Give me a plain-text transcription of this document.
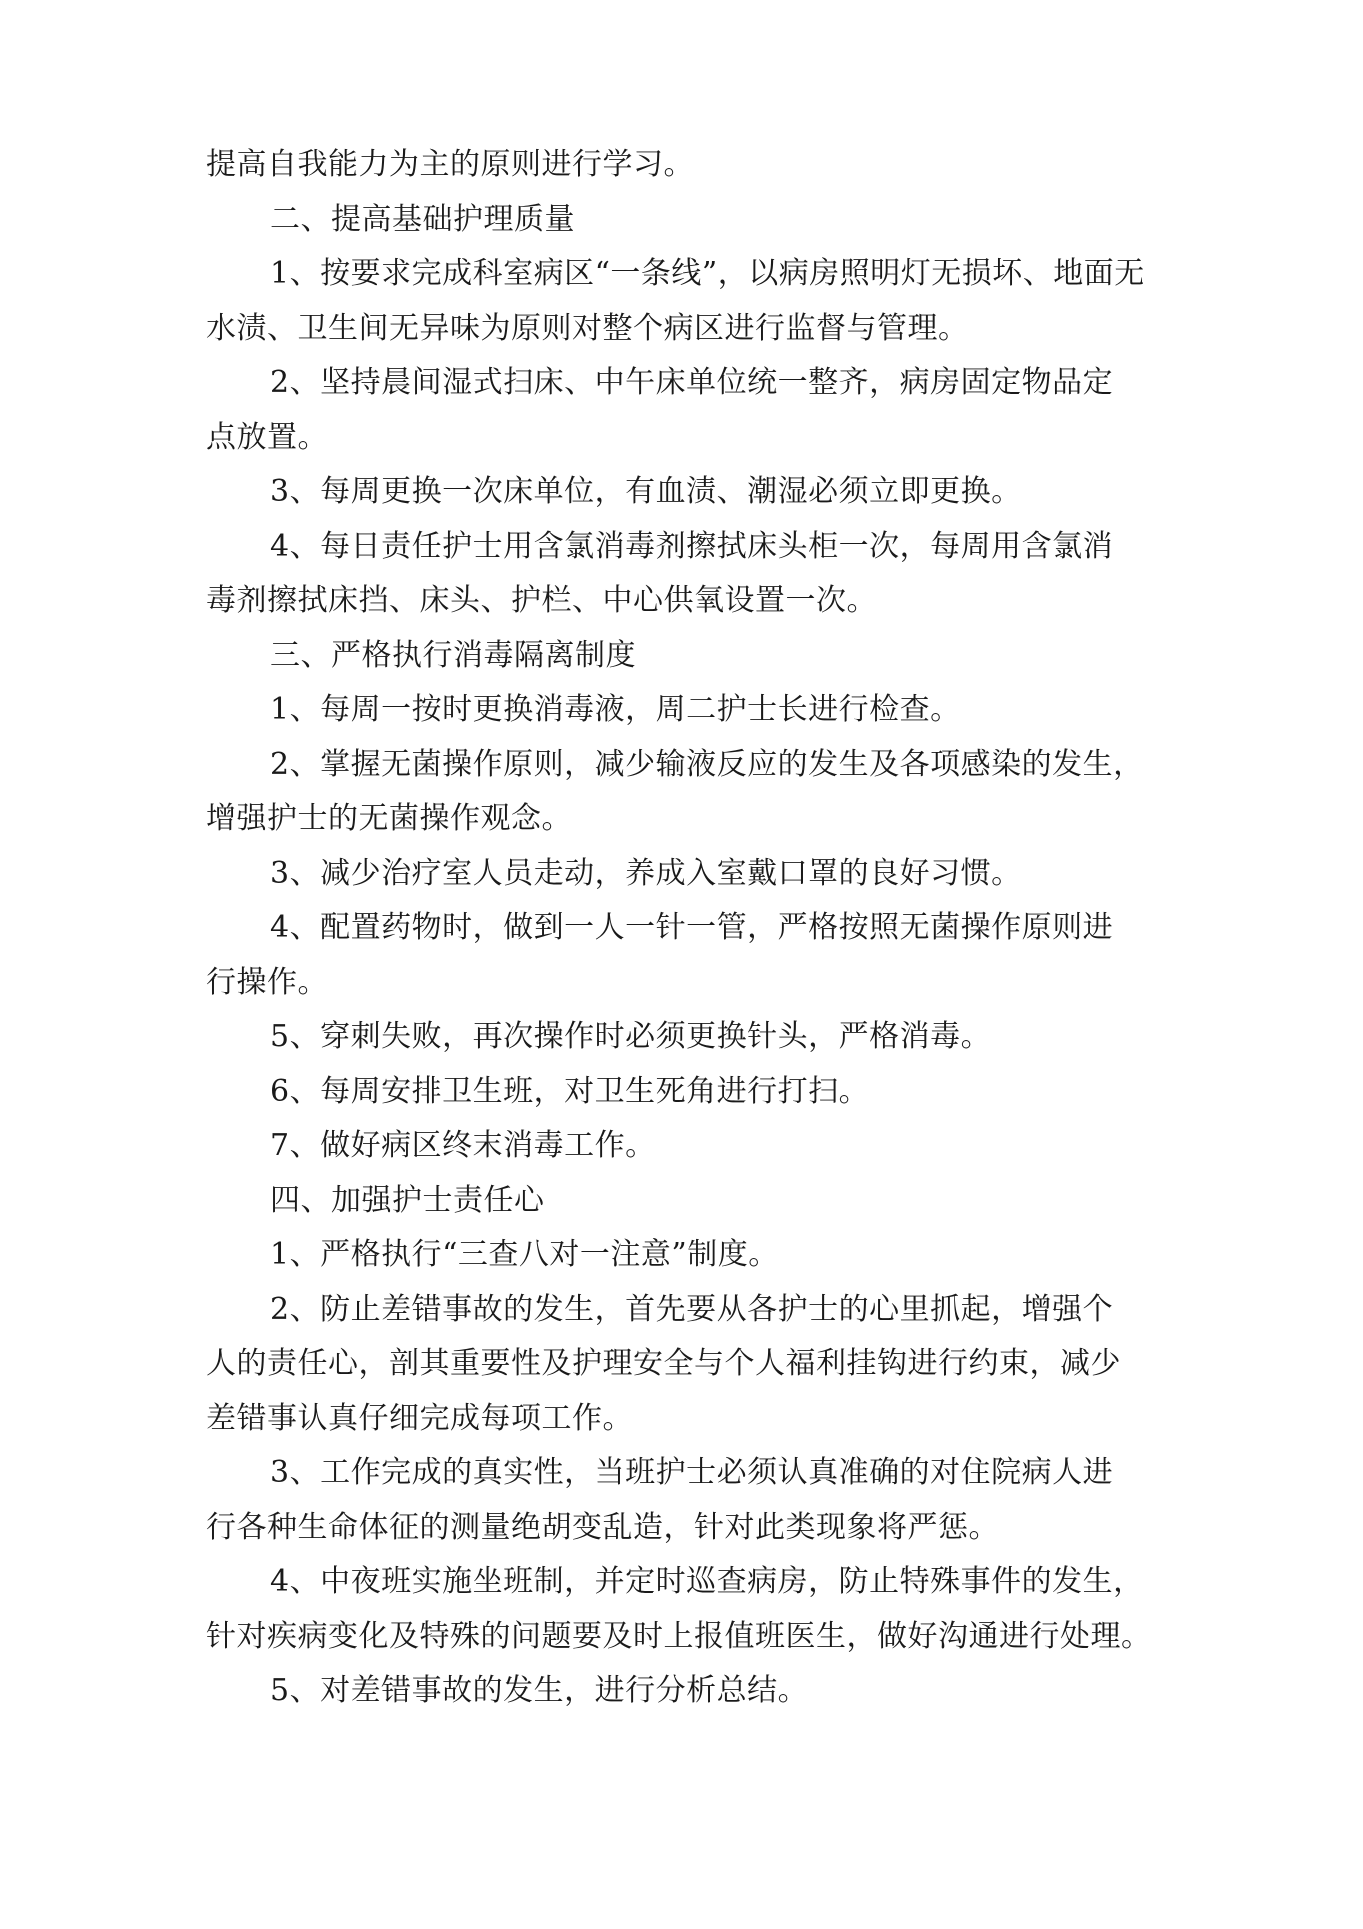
提高自我能力为主的原则进行学习。
二、提高基础护理质量
1、按要求完成科室病区“一条线”，以病房照明灯无损坏、地面无
水渍、卫生间无异味为原则对整个病区进行监督与管理。
2、坚持晨间湿式扫床、中午床单位统一整齐，病房固定物品定
点放置。
3、每周更换一次床单位，有血渍、潮湿必须立即更换。
4、每日责任护士用含氯消毒剂擦拭床头柜一次，每周用含氯消
毒剂擦拭床挡、床头、护栏、中心供氧设置一次。
三、严格执行消毒隔离制度
1、每周一按时更换消毒液，周二护士长进行检查。
2、掌握无菌操作原则，减少输液反应的发生及各项感染的发生，
增强护士的无菌操作观念。
3、减少治疗室人员走动，养成入室戴口罩的良好习惯。
4、配置药物时，做到一人一针一管，严格按照无菌操作原则进
行操作。
5、穿刺失败，再次操作时必须更换针头，严格消毒。
6、每周安排卫生班，对卫生死角进行打扫。
7、做好病区终末消毒工作。
四、加强护士责任心
1、严格执行“三查八对一注意”制度。
2、防止差错事故的发生，首先要从各护士的心里抓起，增强个
人的责任心，剖其重要性及护理安全与个人福利挂钩进行约束，减少
差错事认真仔细完成每项工作。
3、工作完成的真实性，当班护士必须认真准确的对住院病人进
行各种生命体征的测量绝胡变乱造，针对此类现象将严惩。
4、中夜班实施坐班制，并定时巡查病房，防止特殊事件的发生，
针对疾病变化及特殊的问题要及时上报值班医生，做好沟通进行处理。
5、对差错事故的发生，进行分析总结。
